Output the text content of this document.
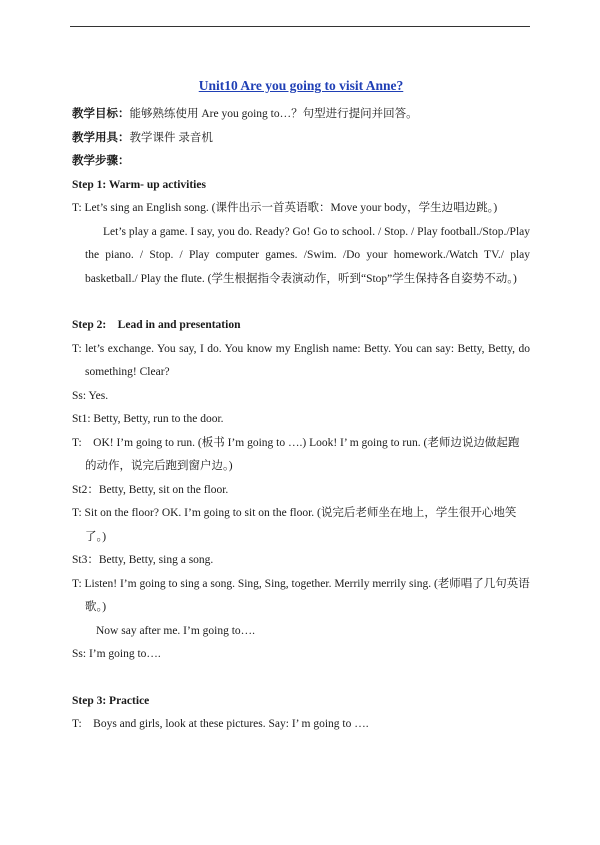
Unit10 Are you going to visit Anne?

教学目标：能够熟练使用 Are you going to…？句型进行提问并回答。

教学用具：教学课件 录音机

教学步骤：

Step 1: Warm- up activities

T: Let’s sing an English song. (课件出示一首英语歌：Move your body，学生边唱边跳。)

Let’s play a game. I say, you do. Ready? Go! Go to school. / Stop. / Play football./Stop./Play the piano. / Stop. / Play computer games. /Swim. /Do your homework./Watch TV./ play basketball./ Play the flute. (学生根据指令表演动作，听到“Stop”学生保持各自姿势不动。)

Step 2:    Lead in and presentation

T: let’s exchange. You say, I do. You know my English name: Betty. You can say: Betty, Betty, do something! Clear?

Ss: Yes.

St1: Betty, Betty, run to the door.

T:    OK! I’m going to run. (板书 I’m going to ….) Look! I’ m going to run. (老师边说边做起跑的动作，说完后跑到窗户边。)

St2：Betty, Betty, sit on the floor.

T: Sit on the floor? OK. I’m going to sit on the floor. (说完后老师坐在地上，学生很开心地笑了。)

St3：Betty, Betty, sing a song.

T: Listen! I’m going to sing a song. Sing, Sing, together. Merrily merrily sing. (老师唱了几句英语歌。)

Now say after me. I’m going to….

Ss: I’m going to….

Step 3: Practice

T:    Boys and girls, look at these pictures. Say: I’ m going to ….
